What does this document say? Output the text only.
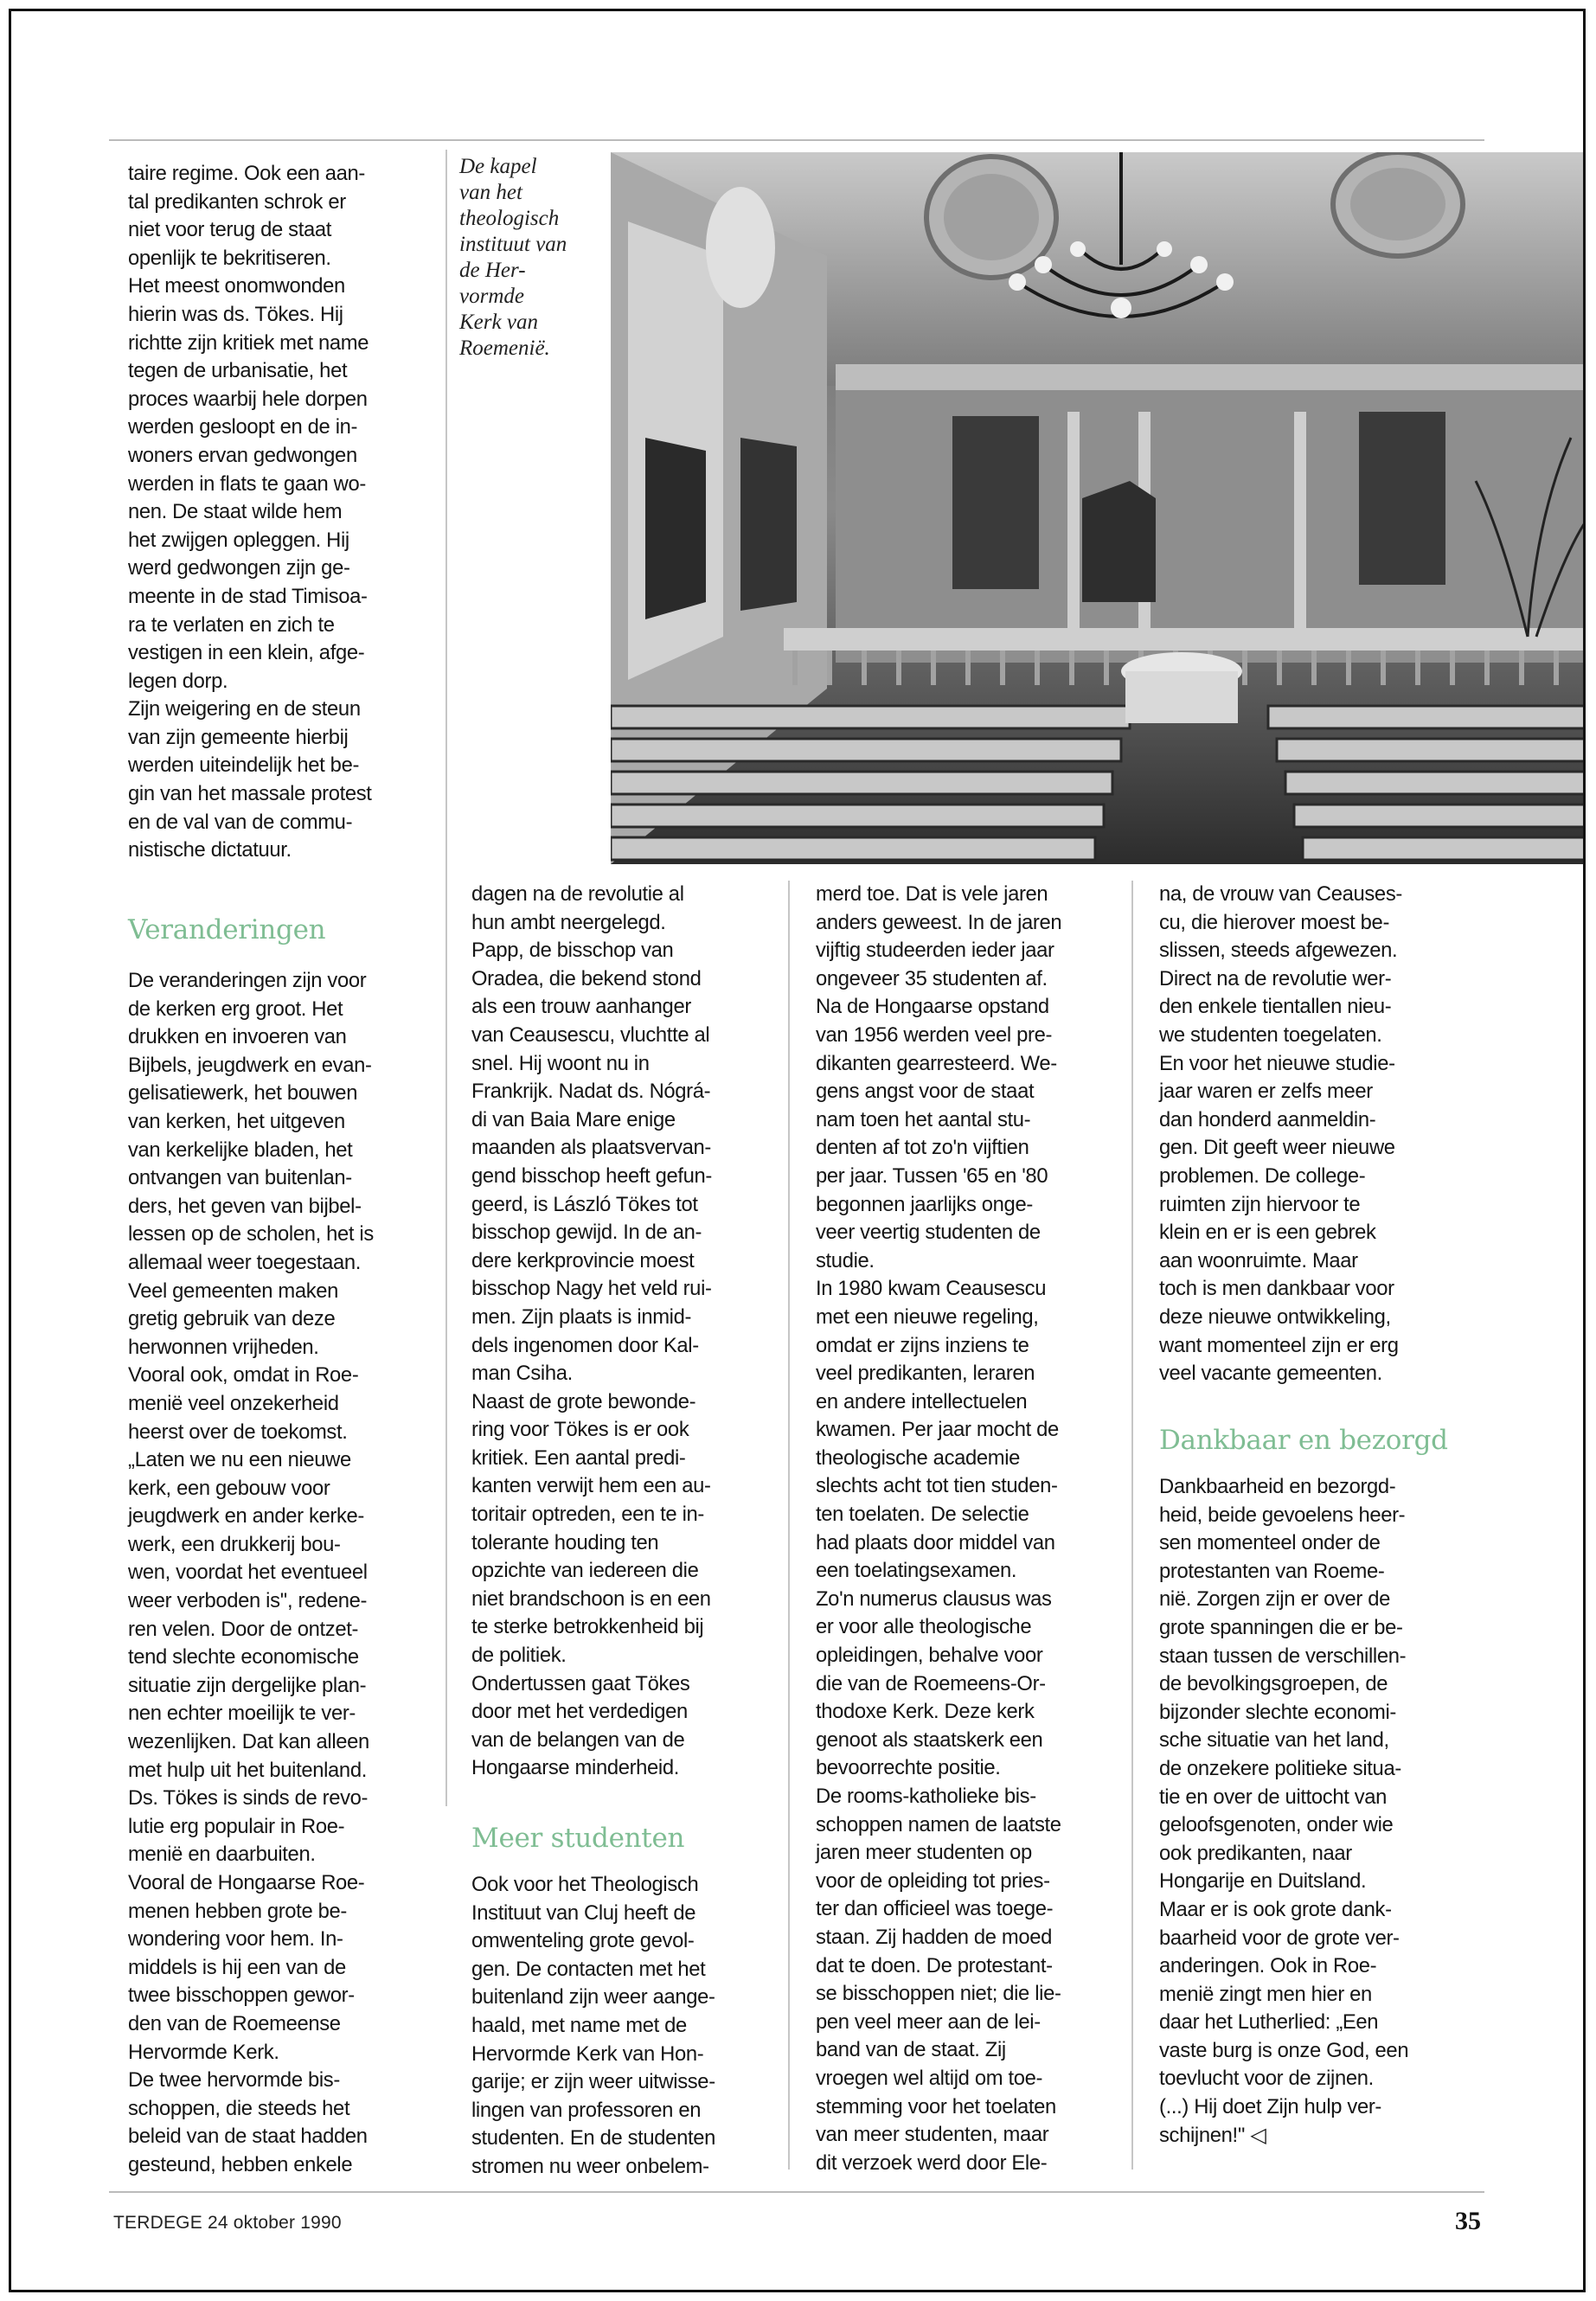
taire regime. Ook een aan-
tal predikanten schrok er
niet voor terug de staat
openlijk te bekritiseren.
Het meest onomwonden
hierin was ds. Tökes. Hij
richtte zijn kritiek met name
tegen de urbanisatie, het
proces waarbij hele dorpen
werden gesloopt en de in-
woners ervan gedwongen
werden in flats te gaan wo-
nen. De staat wilde hem
het zwijgen opleggen. Hij
werd gedwongen zijn ge-
meente in de stad Timisoa-
ra te verlaten en zich te
vestigen in een klein, afge-
legen dorp.
Zijn weigering en de steun
van zijn gemeente hierbij
werden uiteindelijk het be-
gin van het massale protest
en de val van de commu-
nistische dictatuur.
Veranderingen
De veranderingen zijn voor
de kerken erg groot. Het
drukken en invoeren van
Bijbels, jeugdwerk en evan-
gelisatiewerk, het bouwen
van kerken, het uitgeven
van kerkelijke bladen, het
ontvangen van buitenlan-
ders, het geven van bijbel-
lessen op de scholen, het is
allemaal weer toegestaan.
Veel gemeenten maken
gretig gebruik van deze
herwonnen vrijheden.
Vooral ook, omdat in Roe-
menië veel onzekerheid
heerst over de toekomst.
„Laten we nu een nieuwe
kerk, een gebouw voor
jeugdwerk en ander kerke-
werk, een drukkerij bou-
wen, voordat het eventueel
weer verboden is'', redene-
ren velen. Door de ontzet-
tend slechte economische
situatie zijn dergelijke plan-
nen echter moeilijk te ver-
wezenlijken. Dat kan alleen
met hulp uit het buitenland.
Ds. Tökes is sinds de revo-
lutie erg populair in Roe-
menië en daarbuiten.
Vooral de Hongaarse Roe-
menen hebben grote be-
wondering voor hem. In-
middels is hij een van de
twee bisschoppen gewor-
den van de Roemeense
Hervormde Kerk.
De twee hervormde bis-
schoppen, die steeds het
beleid van de staat hadden
gesteund, hebben enkele
De kapel
van het
theologisch
instituut van
de Her-
vormde
Kerk van
Roemenië.
dagen na de revolutie al
hun ambt neergelegd.
Papp, de bisschop van
Oradea, die bekend stond
als een trouw aanhanger
van Ceausescu, vluchtte al
snel. Hij woont nu in
Frankrijk. Nadat ds. Nógrá-
di van Baia Mare enige
maanden als plaatsvervan-
gend bisschop heeft gefun-
geerd, is László Tökes tot
bisschop gewijd. In de an-
dere kerkprovincie moest
bisschop Nagy het veld rui-
men. Zijn plaats is inmid-
dels ingenomen door Kal-
man Csiha.
Naast de grote bewonde-
ring voor Tökes is er ook
kritiek. Een aantal predi-
kanten verwijt hem een au-
toritair optreden, een te in-
tolerante houding ten
opzichte van iedereen die
niet brandschoon is en een
te sterke betrokkenheid bij
de politiek.
Ondertussen gaat Tökes
door met het verdedigen
van de belangen van de
Hongaarse minderheid.
Meer studenten
Ook voor het Theologisch
Instituut van Cluj heeft de
omwenteling grote gevol-
gen. De contacten met het
buitenland zijn weer aange-
haald, met name met de
Hervormde Kerk van Hon-
garije; er zijn weer uitwisse-
lingen van professoren en
studenten. En de studenten
stromen nu weer onbelem-
merd toe. Dat is vele jaren
anders geweest. In de jaren
vijftig studeerden ieder jaar
ongeveer 35 studenten af.
Na de Hongaarse opstand
van 1956 werden veel pre-
dikanten gearresteerd. We-
gens angst voor de staat
nam toen het aantal stu-
denten af tot zo'n vijftien
per jaar. Tussen '65 en '80
begonnen jaarlijks onge-
veer veertig studenten de
studie.
In 1980 kwam Ceausescu
met een nieuwe regeling,
omdat er zijns inziens te
veel predikanten, leraren
en andere intellectuelen
kwamen. Per jaar mocht de
theologische academie
slechts acht tot tien studen-
ten toelaten. De selectie
had plaats door middel van
een toelatingsexamen.
Zo'n numerus clausus was
er voor alle theologische
opleidingen, behalve voor
die van de Roemeens-Or-
thodoxe Kerk. Deze kerk
genoot als staatskerk een
bevoorrechte positie.
De rooms-katholieke bis-
schoppen namen de laatste
jaren meer studenten op
voor de opleiding tot pries-
ter dan officieel was toege-
staan. Zij hadden de moed
dat te doen. De protestant-
se bisschoppen niet; die lie-
pen veel meer aan de lei-
band van de staat. Zij
vroegen wel altijd om toe-
stemming voor het toelaten
van meer studenten, maar
dit verzoek werd door Ele-
na, de vrouw van Ceauses-
cu, die hierover moest be-
slissen, steeds afgewezen.
Direct na de revolutie wer-
den enkele tientallen nieu-
we studenten toegelaten.
En voor het nieuwe studie-
jaar waren er zelfs meer
dan honderd aanmeldin-
gen. Dit geeft weer nieuwe
problemen. De college-
ruimten zijn hiervoor te
klein en er is een gebrek
aan woonruimte. Maar
toch is men dankbaar voor
deze nieuwe ontwikkeling,
want momenteel zijn er erg
veel vacante gemeenten.
Dankbaar en bezorgd
Dankbaarheid en bezorgd-
heid, beide gevoelens heer-
sen momenteel onder de
protestanten van Roeme-
nië. Zorgen zijn er over de
grote spanningen die er be-
staan tussen de verschillen-
de bevolkingsgroepen, de
bijzonder slechte economi-
sche situatie van het land,
de onzekere politieke situa-
tie en over de uittocht van
geloofsgenoten, onder wie
ook predikanten, naar
Hongarije en Duitsland.
Maar er is ook grote dank-
baarheid voor de grote ver-
anderingen. Ook in Roe-
menië zingt men hier en
daar het Lutherlied: „Een
vaste burg is onze God, een
toevlucht voor de zijnen.
(...) Hij doet Zijn hulp ver-
schijnen!'' ◁
TERDEGE 24 oktober 1990	35
